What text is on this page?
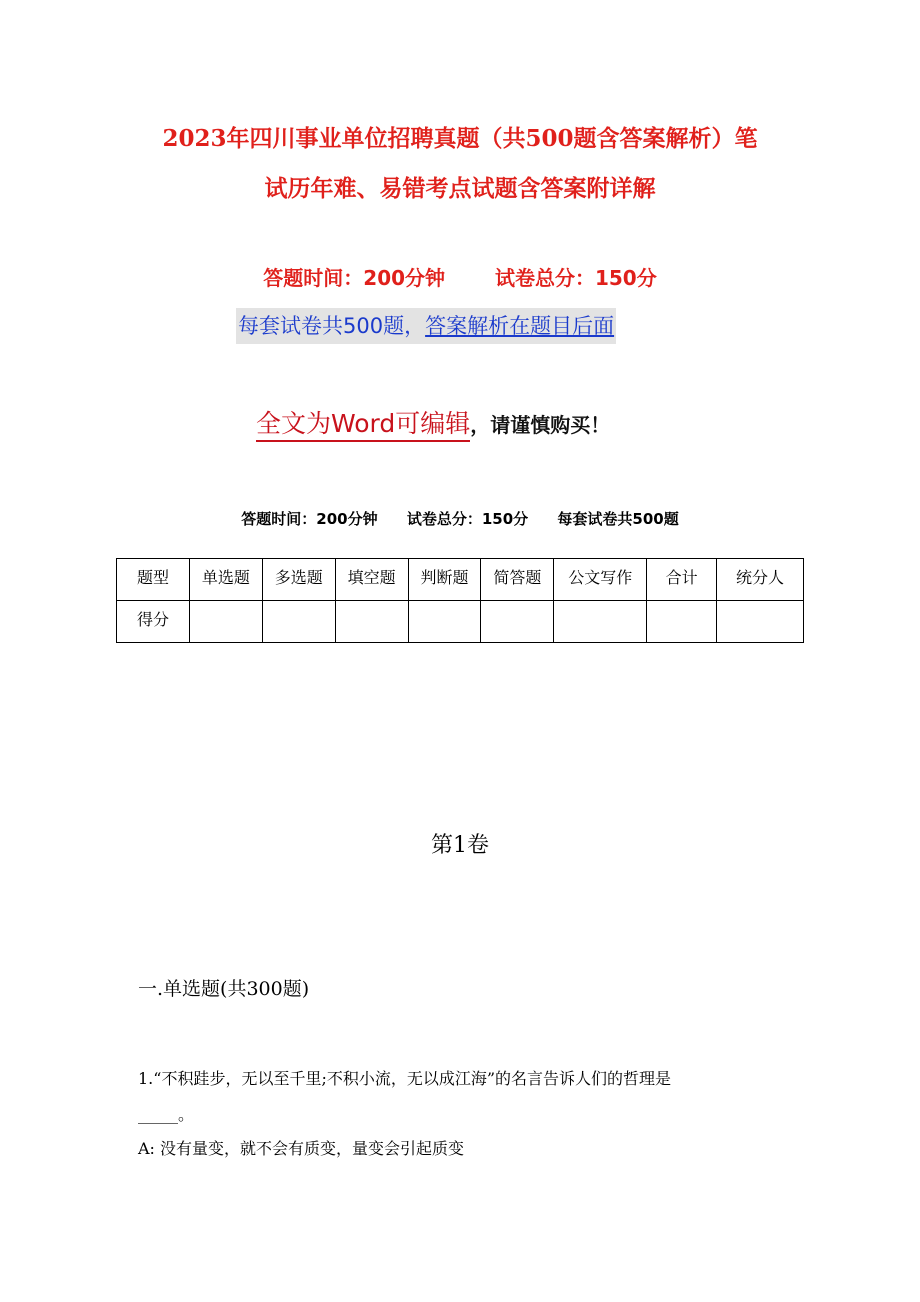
2023年四川事业单位招聘真题（共500题含答案解析）笔
试历年难、易错考点试题含答案附详解
答题时间：200分钟 试卷总分：150分
每套试卷共500题，答案解析在题目后面
全文为Word可编辑，请谨慎购买！
答题时间：200分钟 试卷总分：150分 每套试卷共500题
题型	单选题	多选题	填空题	判断题	简答题	公文写作	合计	统分人
得分								
第1卷
一.单选题(共300题)
1.“不积跬步，无以至千里;不积小流，无以成江海”的名言告诉人们的哲理是
_____。
A: 没有量变，就不会有质变，量变会引起质变
